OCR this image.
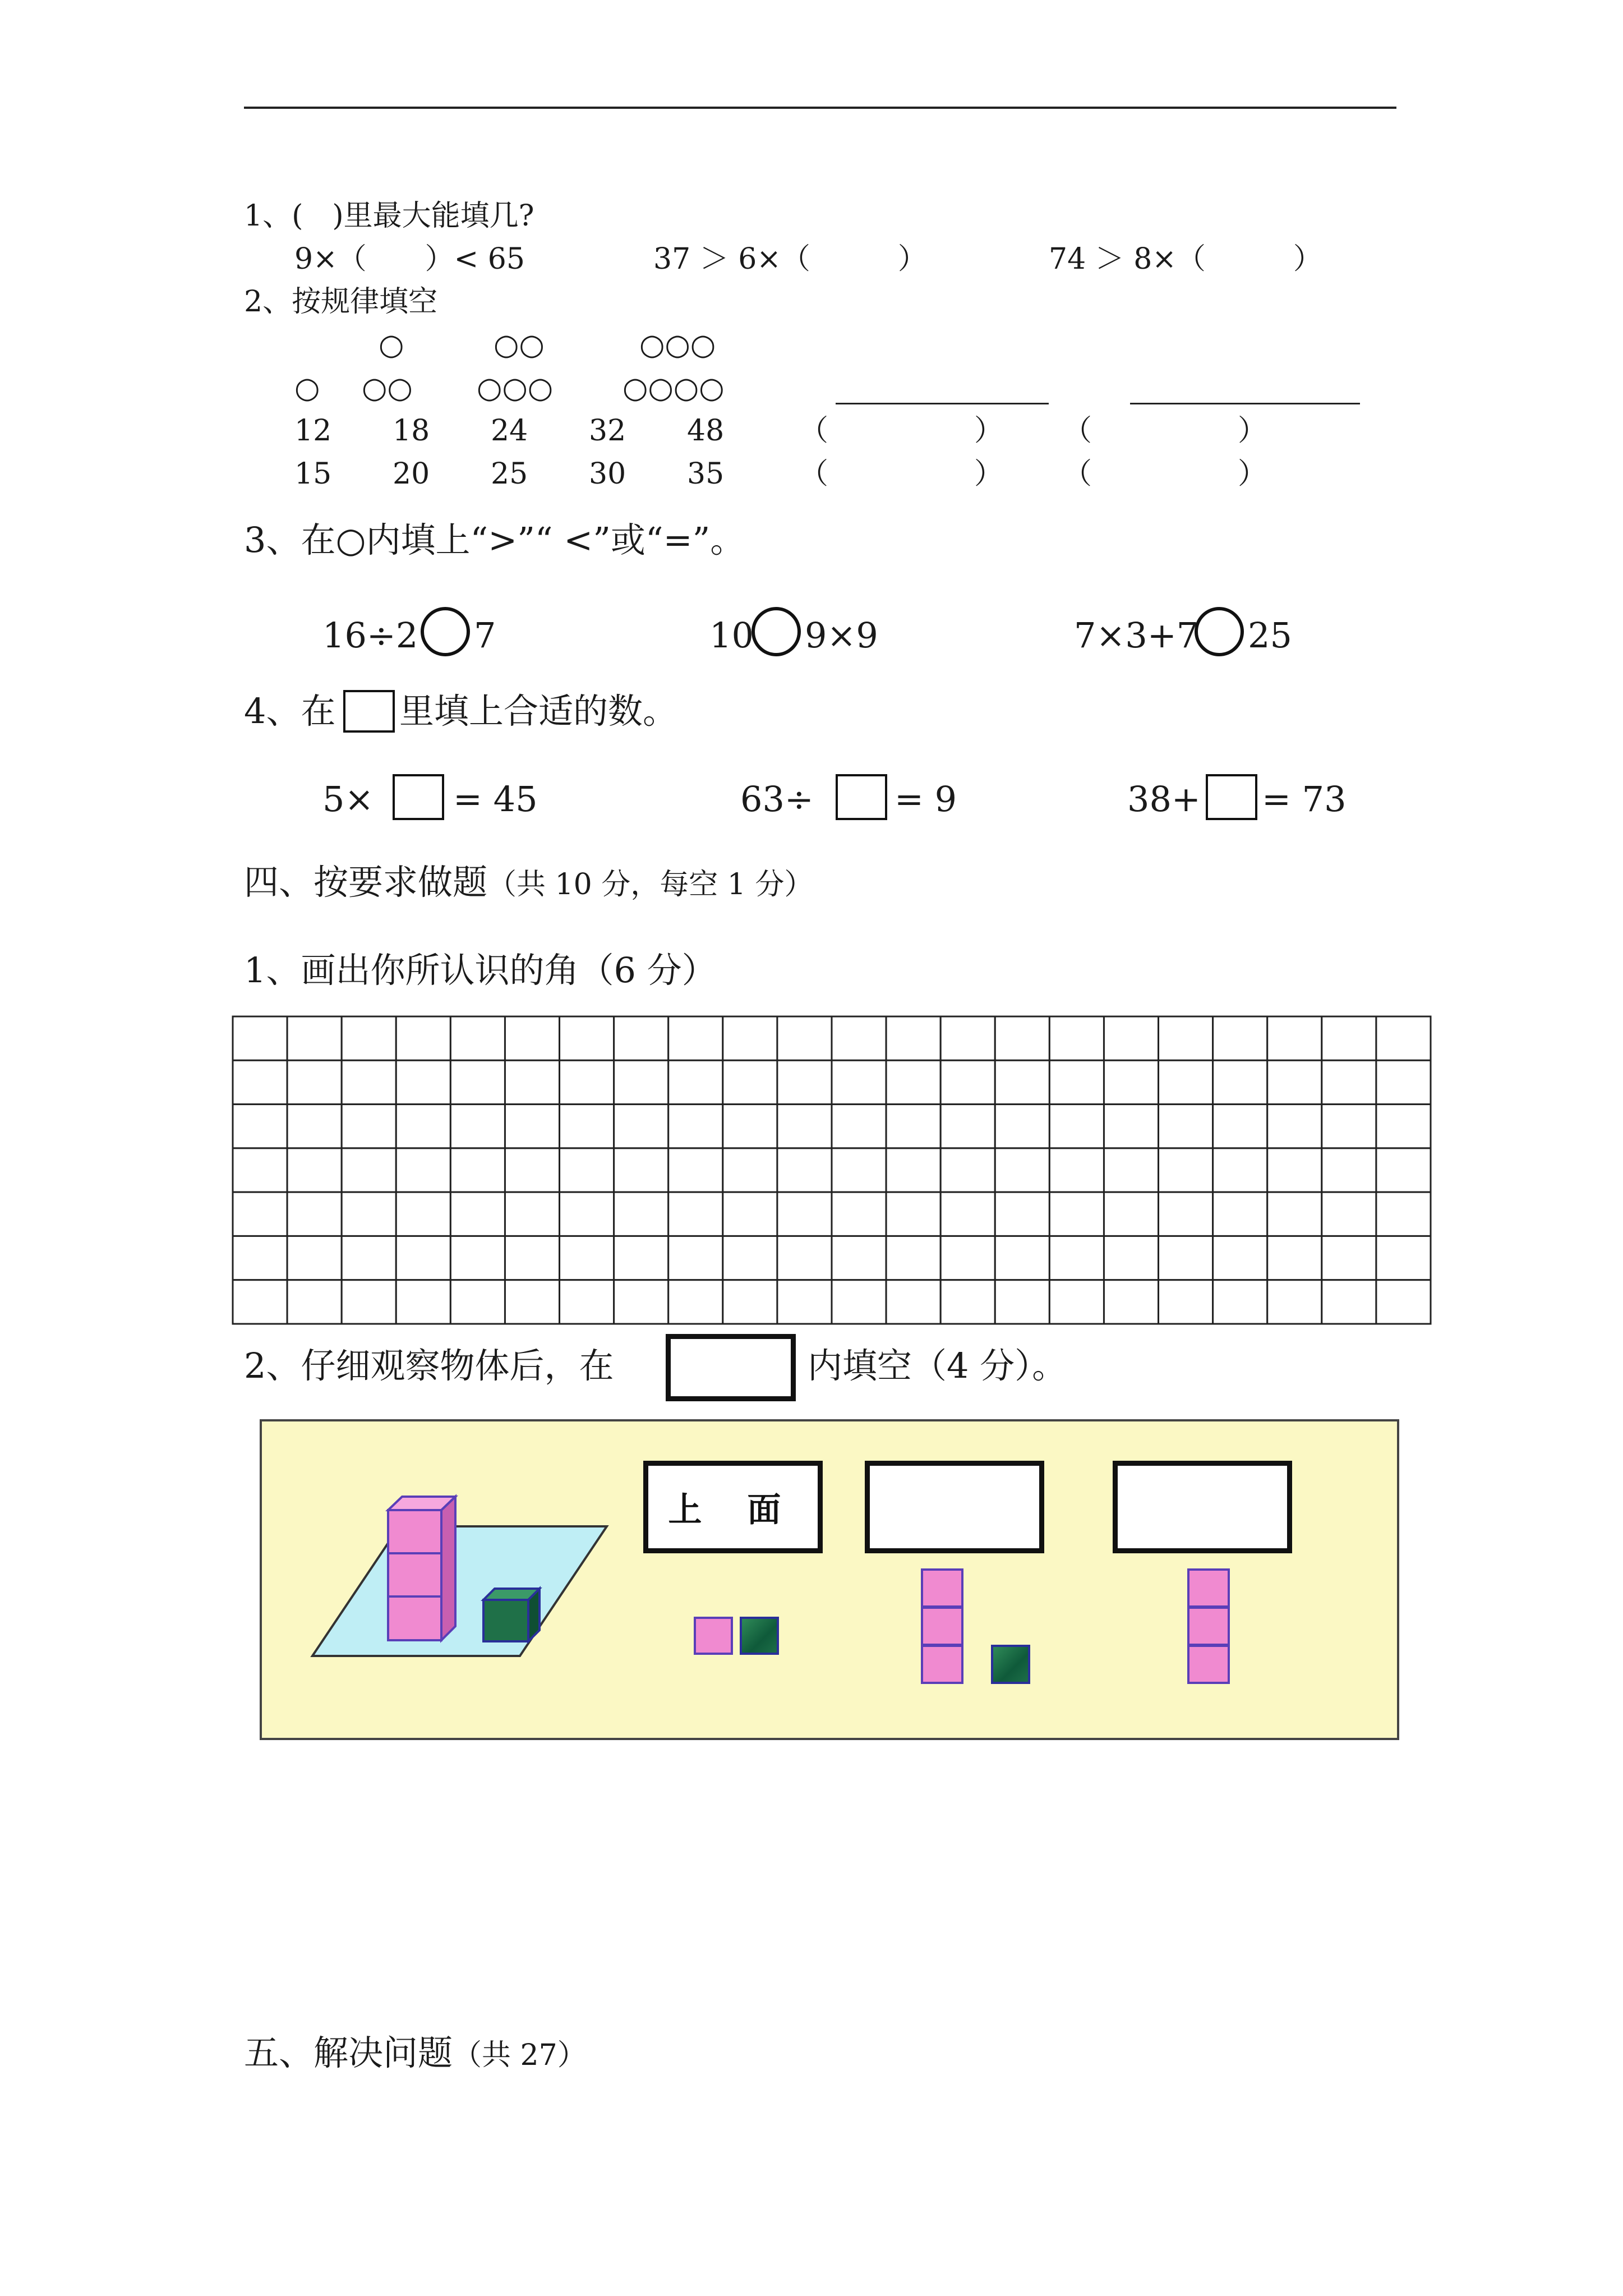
1、(　)里最大能填几?
9×（　　）< 65	37 ＞ 6×（　　　）	74 ＞ 8×（　　　）
2、按规律填空
○	○○	○○○
○ ○○ ○○○ ○○○○
12 18 24 32 48	（　　　　　） （　　　　　）
15 20 25 30 35	（　　　　　） （　　　　　）
3、在○内填上“>”“ <”或“=”。
16÷2 7	10 9×9	7×3+7 25
4、在 里填上合适的数。
5× = 45	63÷ = 9	38+ = 73
四、按要求做题（共 10 分，每空 1 分）
1、画出你所认识的角（6 分）
2、仔细观察物体后，在	内填空（4 分）。
上 面
五、解决问题（共 27）
